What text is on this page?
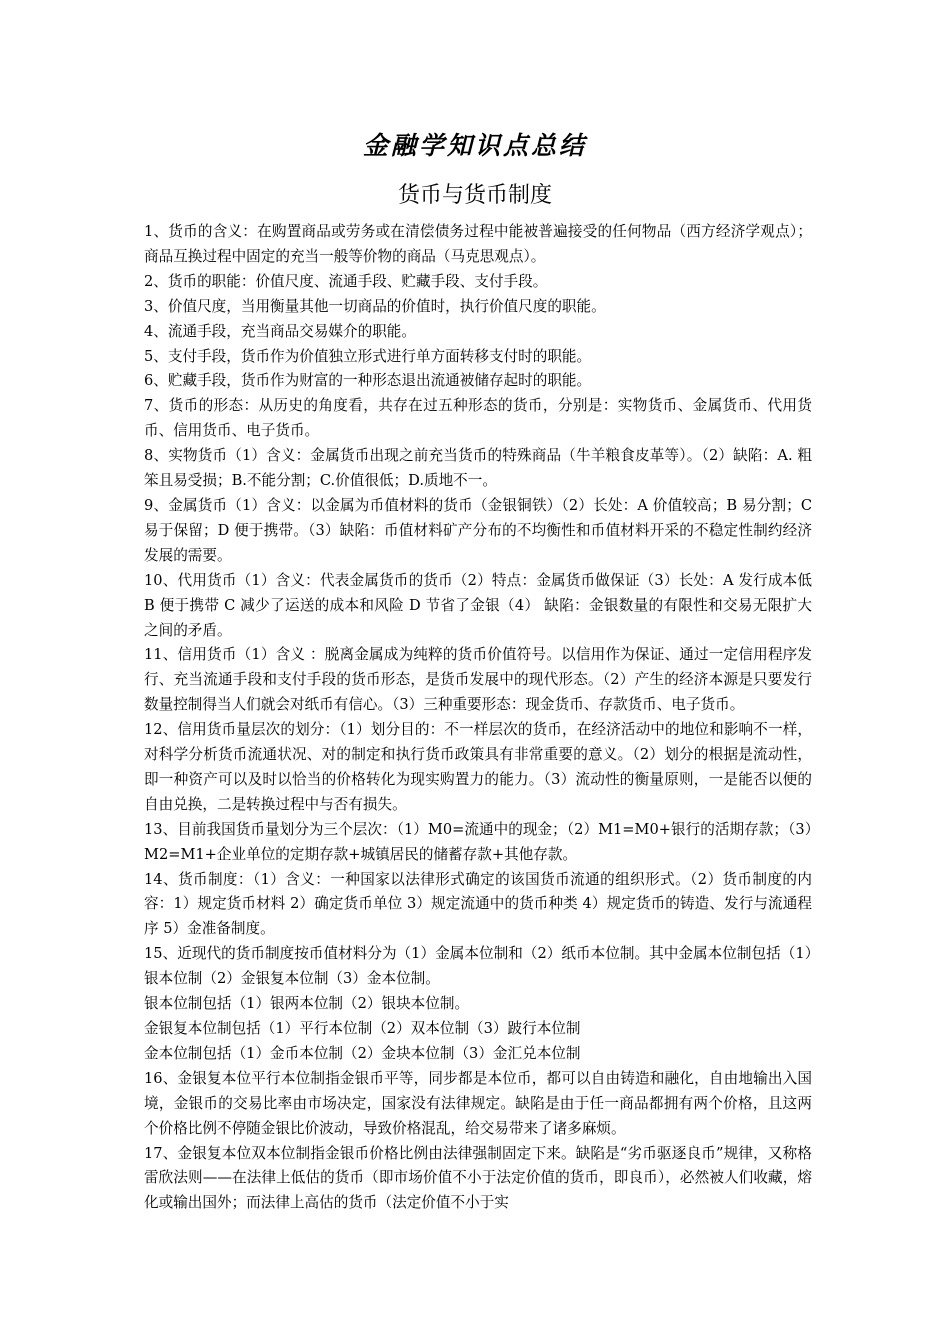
金融学知识点总结
货币与货币制度

1、货币的含义：在购置商品或劳务或在清偿债务过程中能被普遍接受的任何物品（西方经济学观点）；商品互换过程中固定的充当一般等价物的商品（马克思观点）。

2、货币的职能：价值尺度、流通手段、贮藏手段、支付手段。

3、价值尺度，当用衡量其他一切商品的价值时，执行价值尺度的职能。

4、流通手段，充当商品交易媒介的职能。

5、支付手段，货币作为价值独立形式进行单方面转移支付时的职能。

6、贮藏手段，货币作为财富的一种形态退出流通被储存起时的职能。

7、货币的形态：从历史的角度看，共存在过五种形态的货币，分别是：实物货币、金属货币、代用货币、信用货币、电子货币。

8、实物货币（1）含义：金属货币出现之前充当货币的特殊商品（牛羊粮食皮革等）。（2）缺陷：A. 粗笨且易受损；B.不能分割；C.价值很低；D.质地不一。

9、金属货币（1）含义：以金属为币值材料的货币（金银铜铁）（2）长处：A 价值较高；B 易分割；C 易于保留；D 便于携带。（3）缺陷：币值材料矿产分布的不均衡性和币值材料开采的不稳定性制约经济发展的需要。

10、代用货币（1）含义：代表金属货币的货币（2）特点：金属货币做保证（3）长处：A 发行成本低 B 便于携带 C 减少了运送的成本和风险 D 节省了金银（4） 缺陷：金银数量的有限性和交易无限扩大之间的矛盾。

11、信用货币（1）含义 ：脱离金属成为纯粹的货币价值符号。以信用作为保证、通过一定信用程序发行、充当流通手段和支付手段的货币形态，是货币发展中的现代形态。（2）产生的经济本源是只要发行数量控制得当人们就会对纸币有信心。（3）三种重要形态：现金货币、存款货币、电子货币。

12、信用货币量层次的划分：（1）划分目的：不一样层次的货币，在经济活动中的地位和影响不一样，对科学分析货币流通状况、对的制定和执行货币政策具有非常重要的意义。（2）划分的根据是流动性，即一种资产可以及时以恰当的价格转化为现实购置力的能力。（3）流动性的衡量原则，一是能否以便的自由兑换，二是转换过程中与否有损失。

13、目前我国货币量划分为三个层次：（1）M0=流通中的现金；（2）M1=M0+银行的活期存款；（3）M2=M1+企业单位的定期存款+城镇居民的储蓄存款+其他存款。

14、货币制度：（1）含义：一种国家以法律形式确定的该国货币流通的组织形式。（2）货币制度的内容：1）规定货币材料 2）确定货币单位 3）规定流通中的货币种类 4）规定货币的铸造、发行与流通程序 5）金准备制度。

15、近现代的货币制度按币值材料分为（1）金属本位制和（2）纸币本位制。其中金属本位制包括（1）银本位制（2）金银复本位制（3）金本位制。

银本位制包括（1）银两本位制（2）银块本位制。

金银复本位制包括（1）平行本位制（2）双本位制（3）跛行本位制

金本位制包括（1）金币本位制（2）金块本位制（3）金汇兑本位制

16、金银复本位平行本位制指金银币平等，同步都是本位币，都可以自由铸造和融化，自由地输出入国境，金银币的交易比率由市场决定，国家没有法律规定。缺陷是由于任一商品都拥有两个价格，且这两个价格比例不停随金银比价波动，导致价格混乱，给交易带来了诸多麻烦。

17、金银复本位双本位制指金银币价格比例由法律强制固定下来。缺陷是“劣币驱逐良币”规律，又称格雷欣法则——在法律上低估的货币（即市场价值不小于法定价值的货币，即良币），必然被人们收藏，熔化或输出国外；而法律上高估的货币（法定价值不小于实
